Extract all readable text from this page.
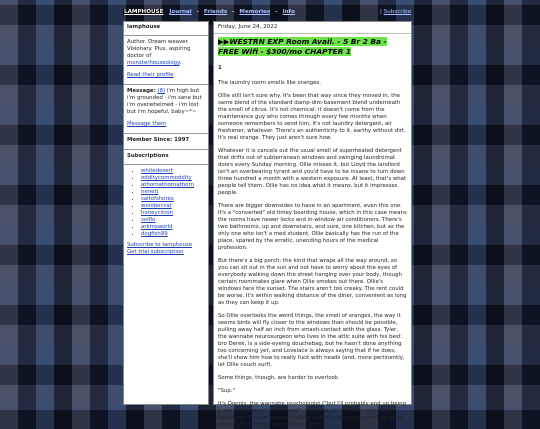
LAMPHOUSE Journal - Friends - Memories - Info	| Subscribe
lamphouse

Author. Dream weaver. Visionary. Plus, aspiring doctor of monsterhouseology.

Read their profile

Message: (8) i'm high but i'm grounded - i'm sane but i'm overwhelmed - i'm lost but i'm hopeful, baby~*~

Message them

Member Since: 1997

Subscriptions
• whitedesert
• odditycommoddity
• athornathornathorn
• nenetl
• saltofshores
• wondercrat
• honeycitron
• solflo
• arkmsworld
• dogfish99
Subscribe to lamphouse
Get trial subscription
Friday, June 24, 2022
▶▶WESTRN EXP Room Avail. - 5 Br 2 Ba - FREE Wifi - $300/mo CHAPTER 1
1

The laundry room smells like oranges.

Ollie still isn't sure why. It's been that way since they moved in, the same blend of the standard damp-dim-basement blend underneath the smell of citrus. It's not chemical: it doesn't come from the maintenance guy who comes through every few months when someone remembers to send him, it's not laundry detergent, air freshener, whatever. There's an authenticity to it, earthy without dirt. It's real orange. They just aren't sure how.

Whatever it is cancels out the usual smell of superheated detergent that drifts out of subterranean windows and swinging laundromat doors every Sunday morning. Ollie misses it, but Lloyd the landlord isn't an overbearing tyrant and you'd have to be insane to turn down three hundred a month with a western exposure. At least, that's what people tell them. Ollie has no idea what it means, but it impresses people.

There are bigger downsides to have in an apartment, even this one. It's a "converted" old timey boarding house, which in this case means the rooms have newer locks and in-window air conditioners. There's two bathrooms, up and downstairs, and sure, one kitchen, but as the only one who isn't a med student, Ollie basically has the run of the place, spared by the erratic, unending hours of the medical profession.

But there's a big porch: the kind that wraps all the way around, so you can sit out in the sun and not have to worry about the eyes of everybody walking down the street hanging over your body, though certain roommates glare when Ollie smokes out there. Ollie's windows face the sunset. The stairs aren't too creaky. The rent could be worse. It's within walking distance of the diner, convenient as long as they can keep it up.

So Ollie overlooks the weird things, the smell of oranges, the way it seems birds will fly closer to the windows than should be possible, pulling away half an inch from smash-contact with the glass. Tyler, the wannabe neurosurgeon who lives in the attic suite with his best bro Derek, is a side-eyeing douchebag, but he hasn't done anything too concerning yet, and Lovelace is always saying that if he does, she'll show him how to really fuck with heads (and, more pertinently, let Ollie couch surf).

Some things, though, are harder to overlook.

"Sup."

It's Donnis, the wannabe psychologist ("but I'll probably end up being a vet in Cleveland at this rate") who lives on the other side of the bathroom. They're always sharing baleful looks across the hall when someone's hogging the full bath. Of the
